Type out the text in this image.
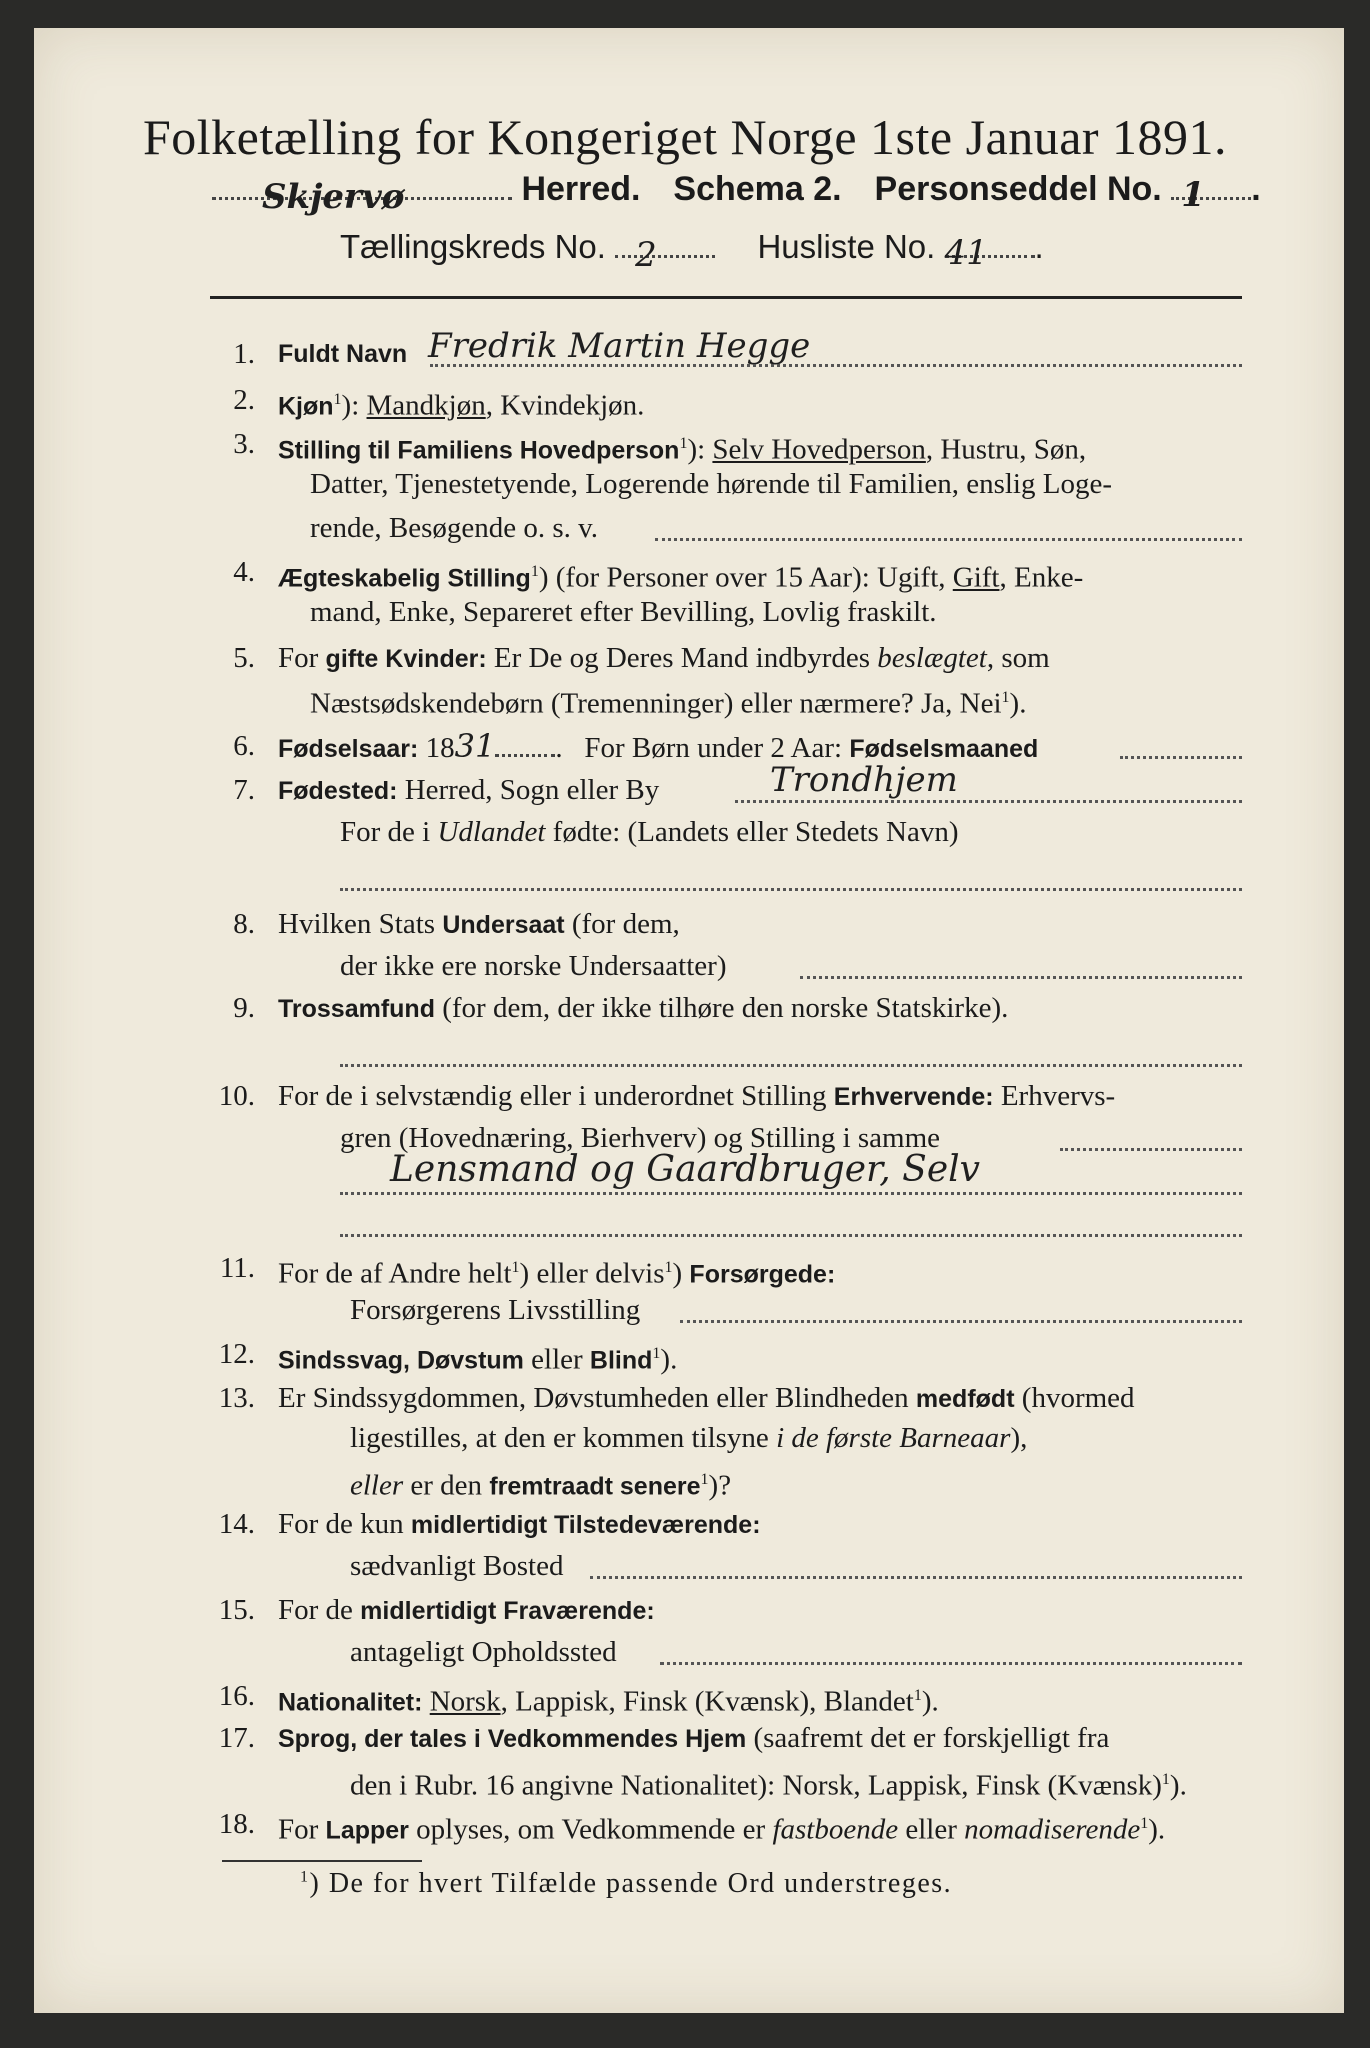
Folketælling for Kongeriget Norge 1ste Januar 1891.
Skjervø	Herred. Schema 2. Personseddel No. 1 .
Tællingskreds No. 2	Husliste No. 41 .
1. Fuldt Navn Fredrik Martin Hegge
2. Kjøn$^1$): Mandkjøn, Kvindekjøn.
3. Stilling til Familiens Hovedperson$^1$): Selv Hovedperson, Hustru, Søn,
Datter, Tjenestetyende, Logerende hørende til Familien, enslig Loge-
rende, Besøgende o. s. v.
4. Ægteskabelig Stilling$^1$) (for Personer over 15 Aar): Ugift, Gift, Enke-
mand, Enke, Separeret efter Bevilling, Lovlig fraskilt.
5. For gifte Kvinder: Er De og Deres Mand indbyrdes beslægtet, som
Næstsødskendebørn (Tremenninger) eller nærmere? Ja, Nei$^1$).
6. Fødselsaar: 1831 . For Børn under 2 Aar: Fødselsmaaned
7. Fødested: Herred, Sogn eller By	Trondhjem
For de i Udlandet fødte: (Landets eller Stedets Navn)
8. Hvilken Stats Undersaat (for dem,
der ikke ere norske Undersaatter)
9. Trossamfund (for dem, der ikke tilhøre den norske Statskirke).
10. For de i selvstændig eller i underordnet Stilling Erhvervende: Erhvervs-
gren (Hovednæring, Bierhverv) og Stilling i samme
Lensmand og Gaardbruger, Selv
11. For de af Andre helt$^1$) eller delvis$^1$) Forsørgede:
Forsørgerens Livsstilling
12. Sindssvag, Døvstum eller Blind$^1$).
13. Er Sindssygdommen, Døvstumheden eller Blindheden medfødt (hvormed
ligestilles, at den er kommen tilsyne i de første Barneaar),
eller er den fremtraadt senere$^1$)?
14. For de kun midlertidigt Tilstedeværende:
sædvanligt Bosted
15. For de midlertidigt Fraværende:
antageligt Opholdssted
16. Nationalitet: Norsk, Lappisk, Finsk (Kvænsk), Blandet$^1$).
17. Sprog, der tales i Vedkommendes Hjem (saafremt det er forskjelligt fra
den i Rubr. 16 angivne Nationalitet): Norsk, Lappisk, Finsk (Kvænsk)$^1$).
18. For Lapper oplyses, om Vedkommende er fastboende eller nomadiserende$^1$).
$^1$) De for hvert Tilfælde passende Ord understreges.
